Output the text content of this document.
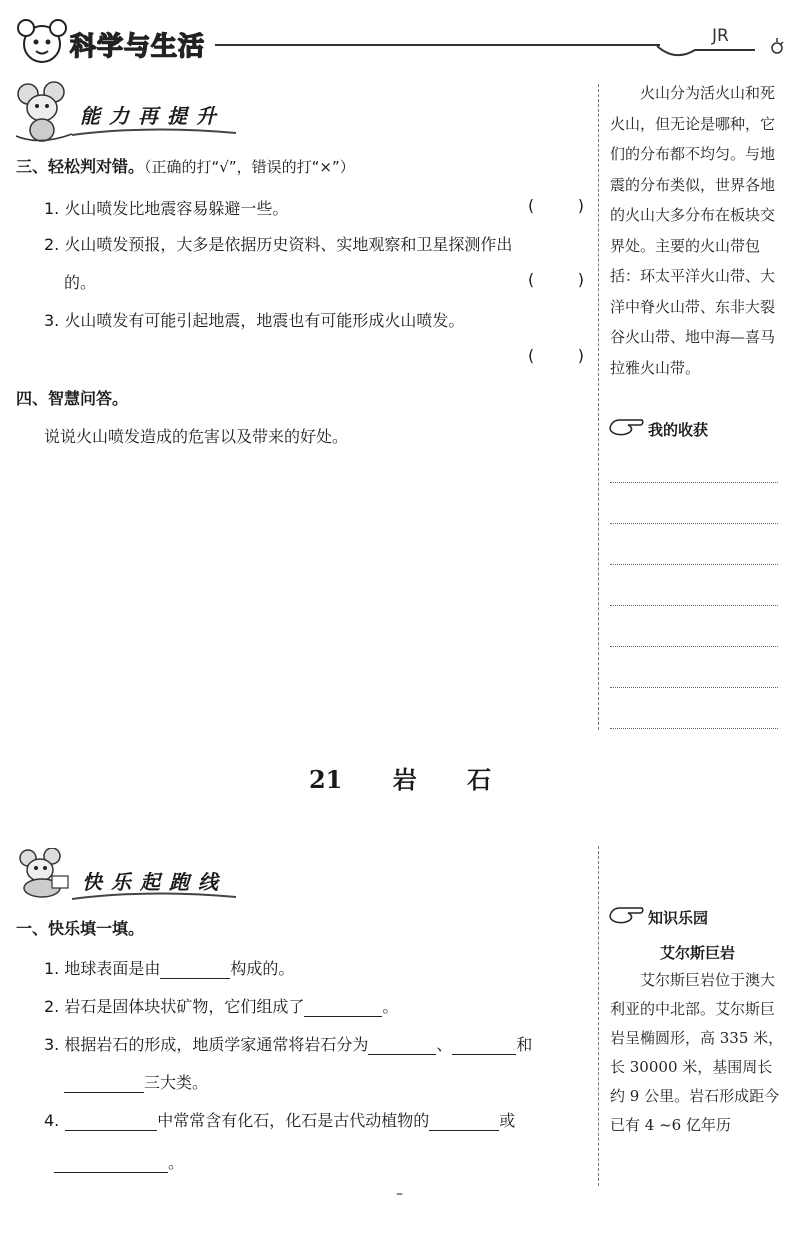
科学与生活	JR
能力再提升
三、轻松判对错。（正确的打“√”，错误的打“×”）
1. 火山喷发比地震容易躲避一些。	(	)
2. 火山喷发预报，大多是依据历史资料、实地观察和卫星探测作出
的。	(	)
3. 火山喷发有可能引起地震，地震也有可能形成火山喷发。
(	)
四、智慧问答。
说说火山喷发造成的危害以及带来的好处。
火山分为活火山和死火山，但无论是哪种，它们的分布都不均匀。与地震的分布类似，世界各地的火山大多分布在板块交界处。主要的火山带包括：环太平洋火山带、大洋中脊火山带、东非大裂谷火山带、地中海—喜马拉雅火山带。
我的收获
21 岩 石
快乐起跑线
一、快乐填一填。
1. 地球表面是由	构成的。
2. 岩石是固体块状矿物，它们组成了	。
3. 根据岩石的形成，地质学家通常将岩石分为	、	和
三大类。
4.	中常常含有化石，化石是古代动植物的	或
。
知识乐园
艾尔斯巨岩
艾尔斯巨岩位于澳大利亚的中北部。艾尔斯巨岩呈椭圆形，高 335 米，长 30000 米，基围周长约 9 公里。岩石形成距今已有 4 ~6 亿年历
–
